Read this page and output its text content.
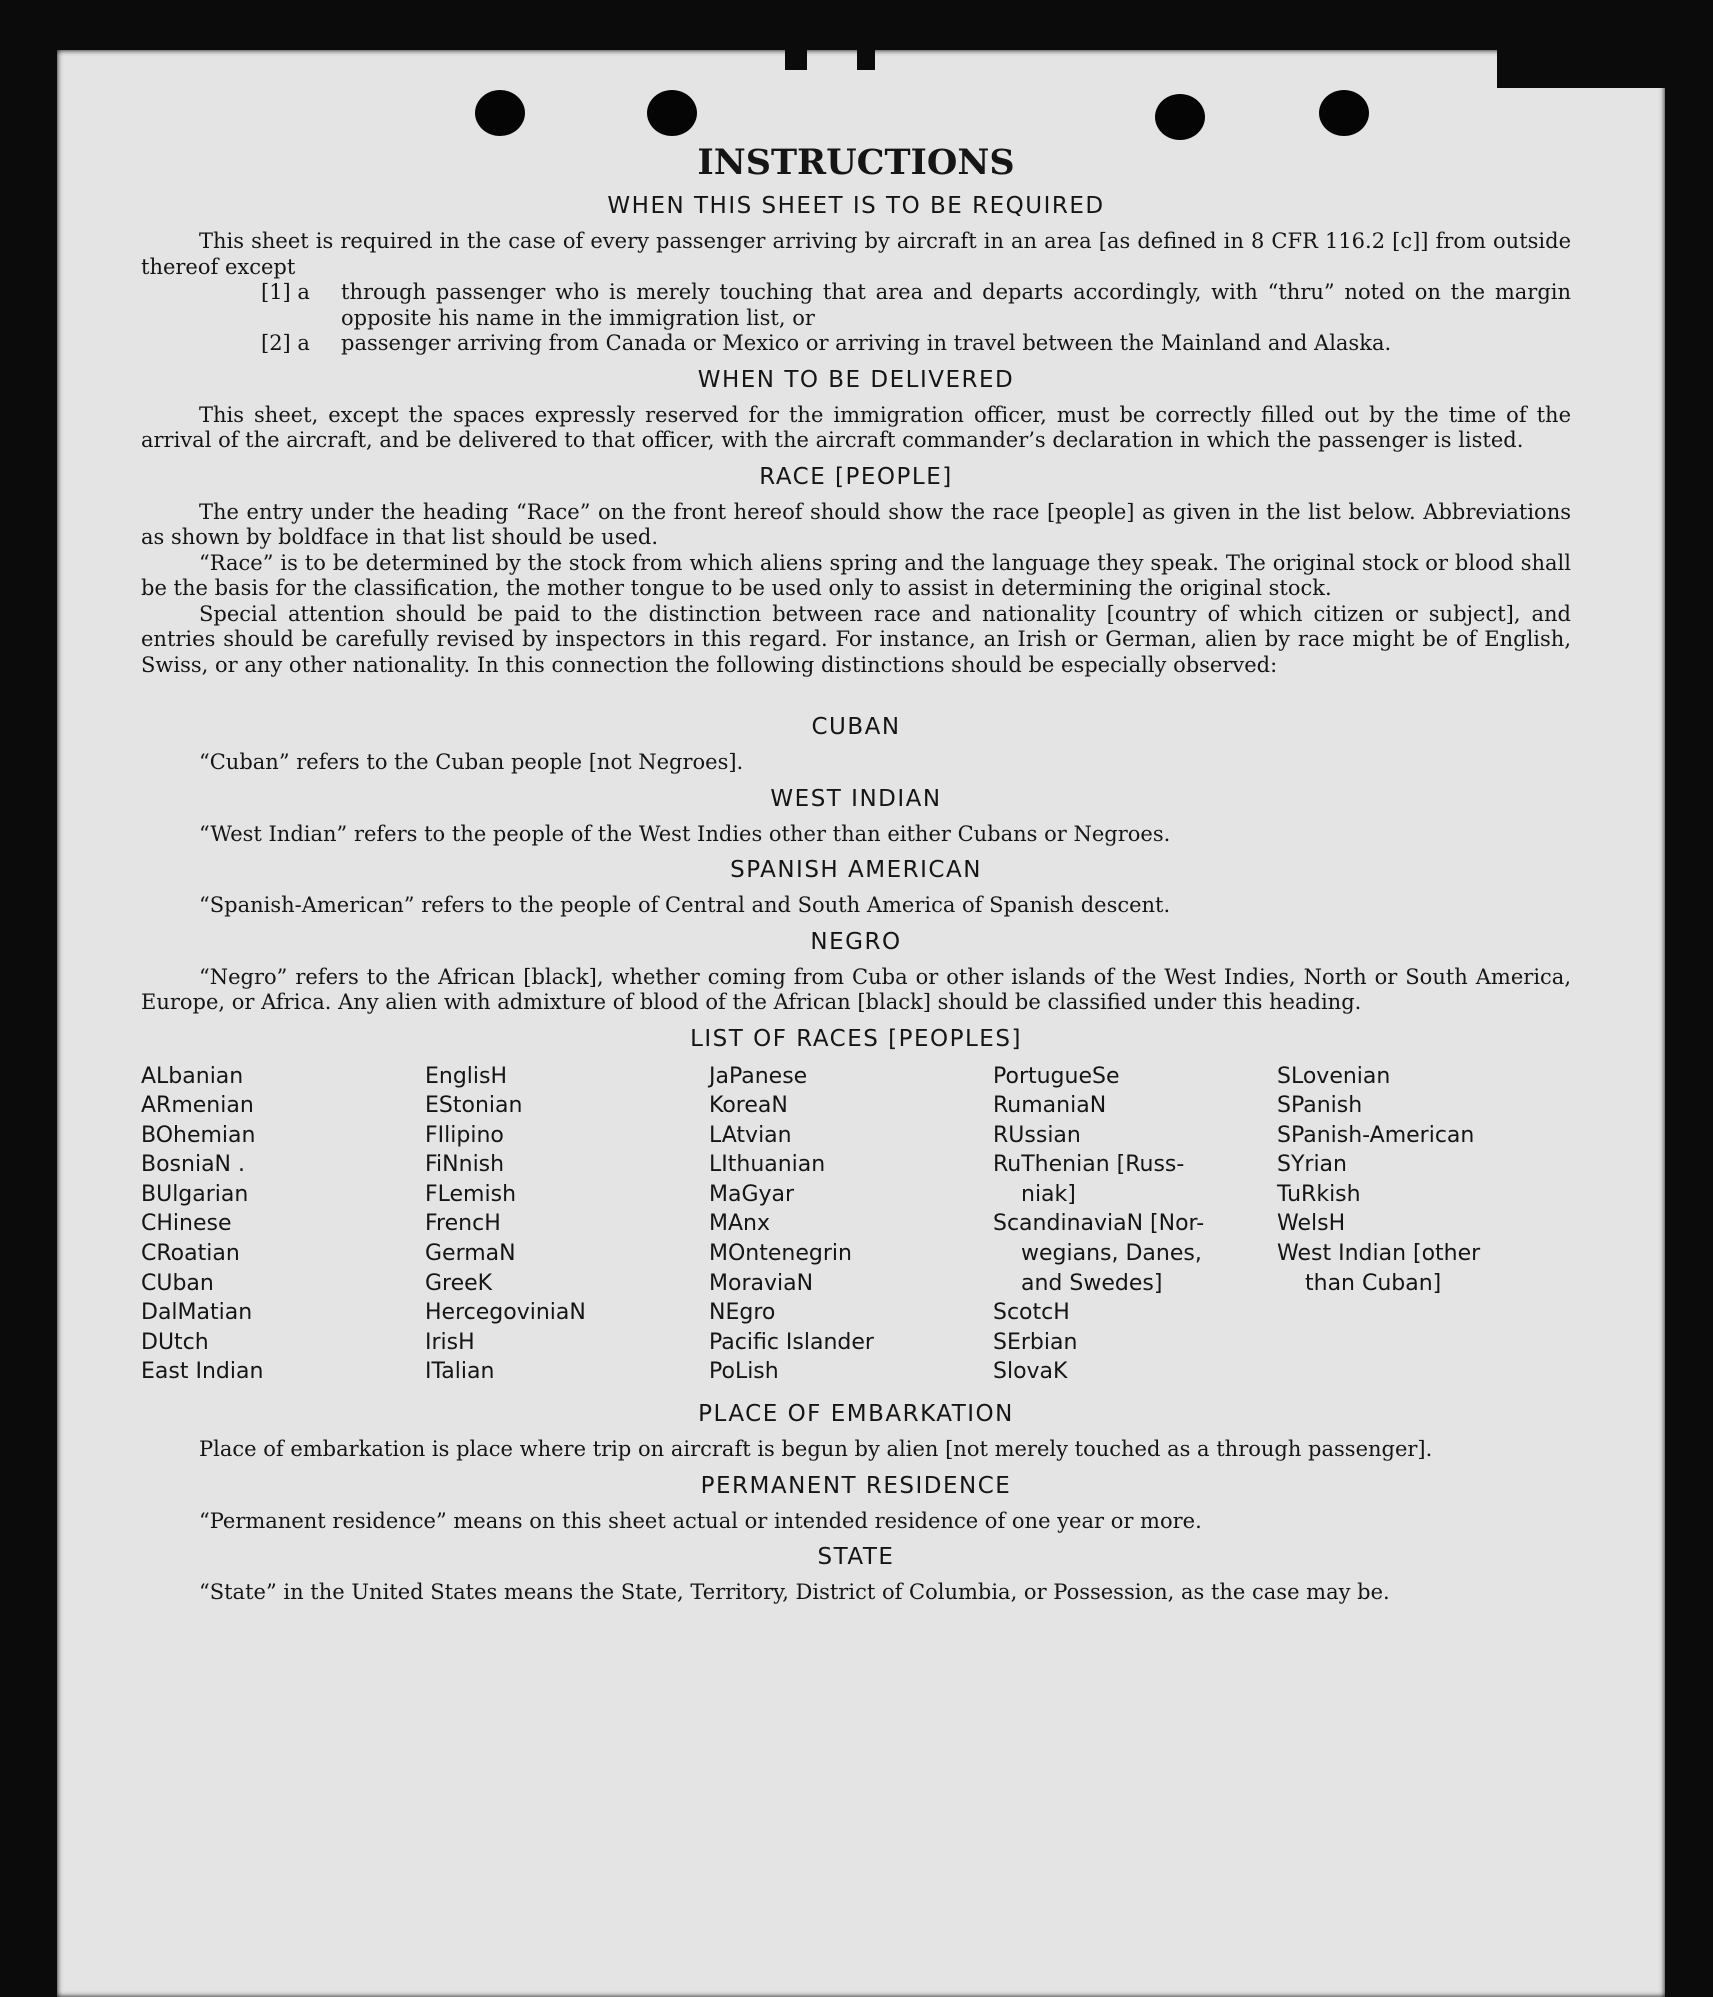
INSTRUCTIONS
WHEN THIS SHEET IS TO BE REQUIRED

This sheet is required in the case of every passenger arriving by aircraft in an area [as defined in 8 CFR 116.2 [c]] from outside thereof except

[1] a	through passenger who is merely touching that area and departs accordingly, with “thru” noted on the margin opposite his name in the immigration list, or
[2] a	passenger arriving from Canada or Mexico or arriving in travel between the Mainland and Alaska.
WHEN TO BE DELIVERED

This sheet, except the spaces expressly reserved for the immigration officer, must be correctly filled out by the time of the arrival of the aircraft, and be delivered to that officer, with the aircraft commander’s declaration in which the passenger is listed.

RACE [PEOPLE]

The entry under the heading “Race” on the front hereof should show the race [people] as given in the list below. Abbreviations as shown by boldface in that list should be used.

“Race” is to be determined by the stock from which aliens spring and the language they speak. The original stock or blood shall be the basis for the classification, the mother tongue to be used only to assist in determining the original stock.

Special attention should be paid to the distinction between race and nationality [country of which citizen or subject], and entries should be carefully revised by inspectors in this regard. For instance, an Irish or German, alien by race might be of English, Swiss, or any other nationality. In this connection the following distinctions should be especially observed:

CUBAN

“Cuban” refers to the Cuban people [not Negroes].

WEST INDIAN

“West Indian” refers to the people of the West Indies other than either Cubans or Negroes.

SPANISH AMERICAN

“Spanish-American” refers to the people of Central and South America of Spanish descent.

NEGRO

“Negro” refers to the African [black], whether coming from Cuba or other islands of the West Indies, North or South America, Europe, or Africa. Any alien with admixture of blood of the African [black] should be classified under this heading.

LIST OF RACES [PEOPLES]
ALbanian
ARmenian
BOhemian
BosniaN .
BUlgarian
CHinese
CRoatian
CUban
DalMatian
DUtch
East Indian
EnglisH
EStonian
FIlipino
FiNnish
FLemish
FrencH
GermaN
GreeK
HercegoviniaN
IrisH
ITalian
JaPanese
KoreaN
LAtvian
LIthuanian
MaGyar
MAnx
MOntenegrin
MoraviaN
NEgro
Pacific Islander
PoLish
PortugueSe
RumaniaN
RUssian
RuThenian [Russ-
niak]
ScandinaviaN [Nor-
wegians, Danes,
and Swedes]
ScotcH
SErbian
SlovaK
SLovenian
SPanish
SPanish-American
SYrian
TuRkish
WelsH
West Indian [other
than Cuban]
PLACE OF EMBARKATION

Place of embarkation is place where trip on aircraft is begun by alien [not merely touched as a through passenger].

PERMANENT RESIDENCE

“Permanent residence” means on this sheet actual or intended residence of one year or more.

STATE

“State” in the United States means the State, Territory, District of Columbia, or Possession, as the case may be.
